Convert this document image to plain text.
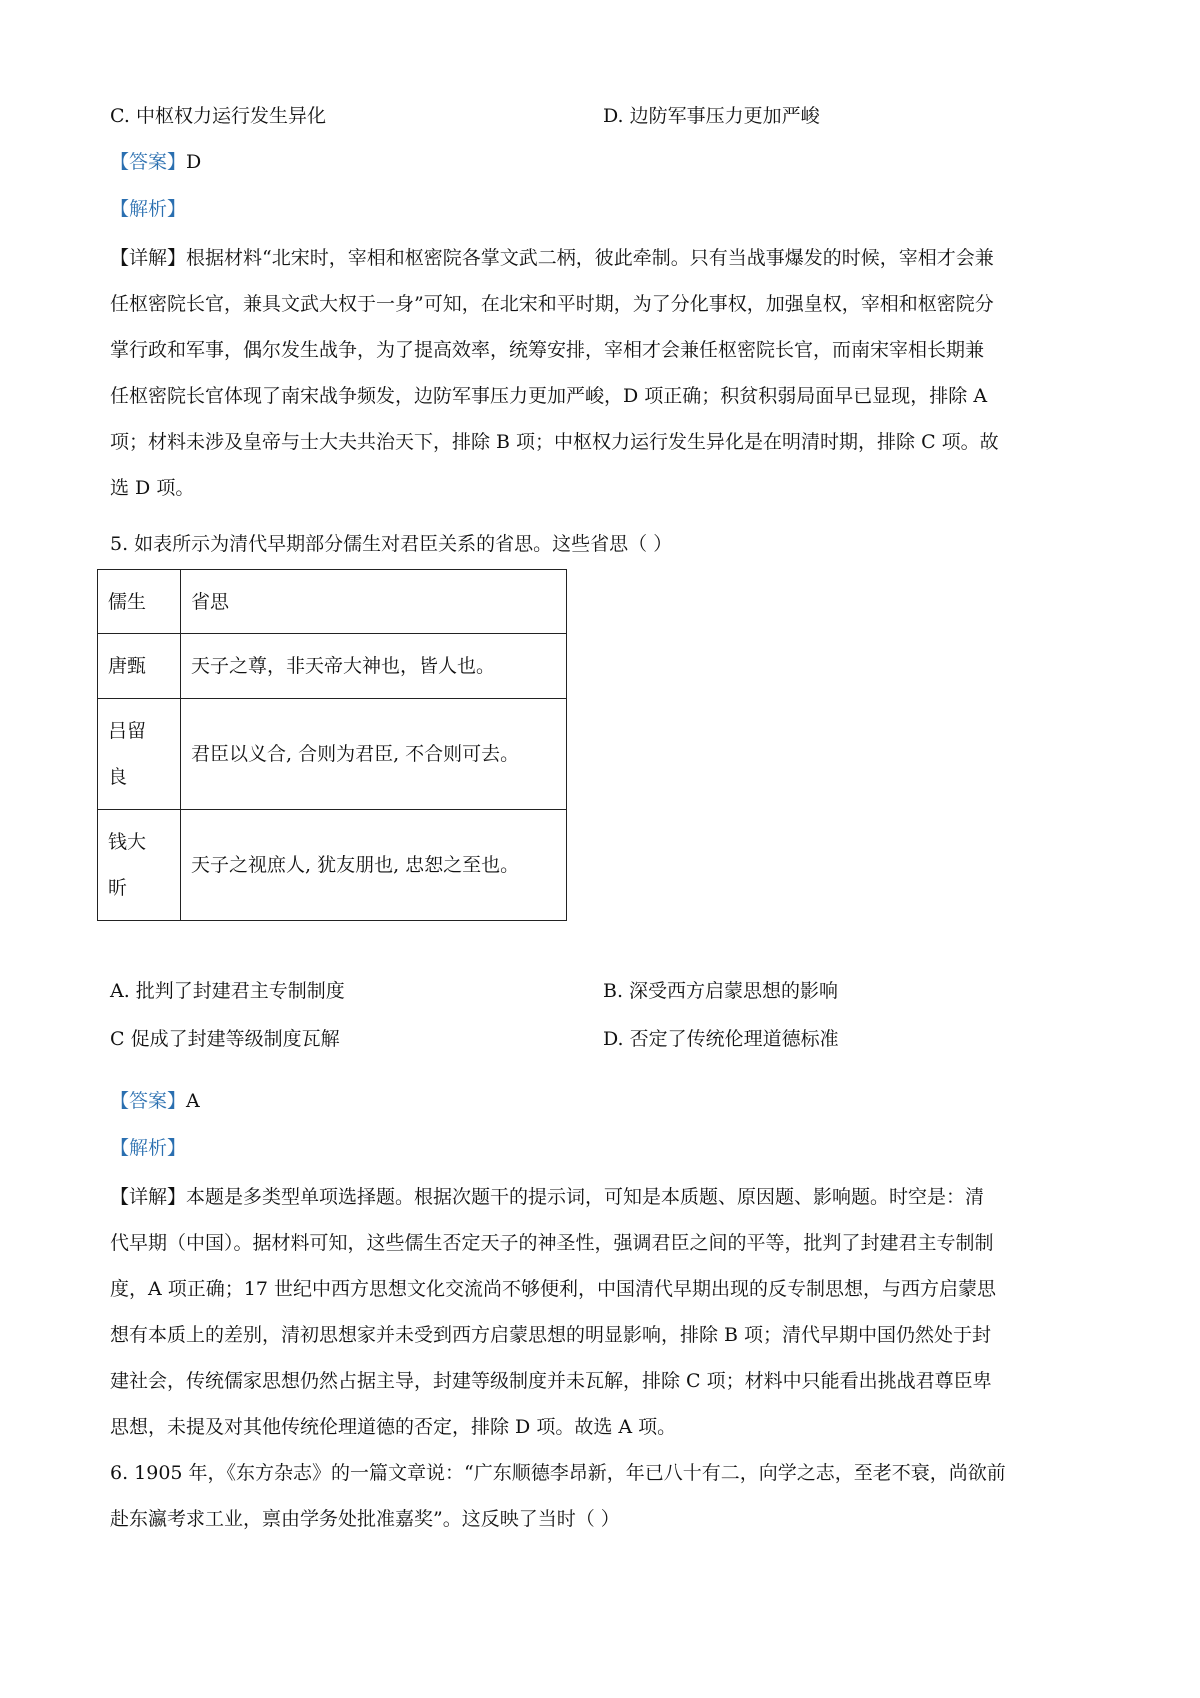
C. 中枢权力运行发生异化	D. 边防军事压力更加严峻
【答案】D
【解析】
【详解】根据材料“北宋时，宰相和枢密院各掌文武二柄，彼此牵制。只有当战事爆发的时候，宰相才会兼
任枢密院长官，兼具文武大权于一身”可知，在北宋和平时期，为了分化事权，加强皇权，宰相和枢密院分
掌行政和军事，偶尔发生战争，为了提高效率，统筹安排，宰相才会兼任枢密院长官，而南宋宰相长期兼
任枢密院长官体现了南宋战争频发，边防军事压力更加严峻，D 项正确；积贫积弱局面早已显现，排除 A
项；材料未涉及皇帝与士大夫共治天下，排除 B 项；中枢权力运行发生异化是在明清时期，排除 C 项。故
选 D 项。
5. 如表所示为清代早期部分儒生对君臣关系的省思。这些省思（ ）
儒生	省思
唐甄	天子之尊，非天帝大神也，皆人也。

吕留
良	君臣以义合, 合则为君臣, 不合则可去。

钱大
昕	天子之视庶人, 犹友朋也, 忠恕之至也。
A. 批判了封建君主专制制度	B. 深受西方启蒙思想的影响
C 促成了封建等级制度瓦解	D. 否定了传统伦理道德标准
【答案】A
【解析】
【详解】本题是多类型单项选择题。根据次题干的提示词，可知是本质题、原因题、影响题。时空是：清
代早期（中国）。据材料可知，这些儒生否定天子的神圣性，强调君臣之间的平等，批判了封建君主专制制
度，A 项正确；17 世纪中西方思想文化交流尚不够便利，中国清代早期出现的反专制思想，与西方启蒙思
想有本质上的差别，清初思想家并未受到西方启蒙思想的明显影响，排除 B 项；清代早期中国仍然处于封
建社会，传统儒家思想仍然占据主导，封建等级制度并未瓦解，排除 C 项；材料中只能看出挑战君尊臣卑
思想，未提及对其他传统伦理道德的否定，排除 D 项。故选 A 项。
6. 1905 年，《东方杂志》的一篇文章说：“广东顺德李昂新，年已八十有二，向学之志，至老不衰，尚欲前
赴东瀛考求工业，禀由学务处批准嘉奖”。这反映了当时（ ）
